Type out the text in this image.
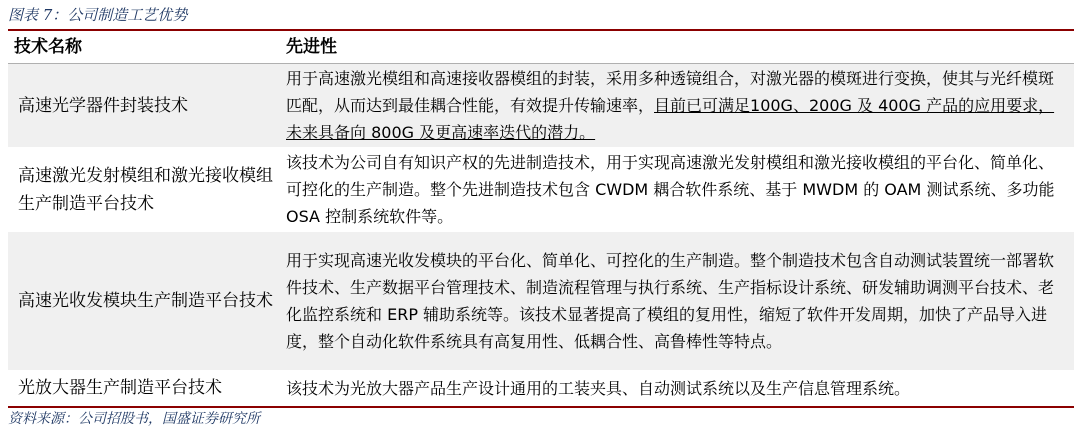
图表 7：公司制造工艺优势
技术名称	先进性
高速光学器件封装技术	用于高速激光模组和高速接收器模组的封装，采用多种透镜组合，对激光器的模斑进行变换，使其与光纤模斑匹配，从而达到最佳耦合性能，有效提升传输速率，目前已可满足100G、200G 及 400G 产品的应用要求，未来具备向 800G 及更高速率迭代的潜力。
高速激光发射模组和激光接收模组生产制造平台技术	该技术为公司自有知识产权的先进制造技术，用于实现高速激光发射模组和激光接收模组的平台化、简单化、可控化的生产制造。整个先进制造技术包含 CWDM 耦合软件系统、基于 MWDM 的 OAM 测试系统、多功能 OSA 控制系统软件等。
高速光收发模块生产制造平台技术	用于实现高速光收发模块的平台化、简单化、可控化的生产制造。整个制造技术包含自动测试装置统一部署软件技术、生产数据平台管理技术、制造流程管理与执行系统、生产指标设计系统、研发辅助调测平台技术、老化监控系统和 ERP 辅助系统等。该技术显著提高了模组的复用性，缩短了软件开发周期，加快了产品导入进度，整个自动化软件系统具有高复用性、低耦合性、高鲁棒性等特点。
光放大器生产制造平台技术	该技术为光放大器产品生产设计通用的工装夹具、自动测试系统以及生产信息管理系统。
资料来源：公司招股书，国盛证券研究所
